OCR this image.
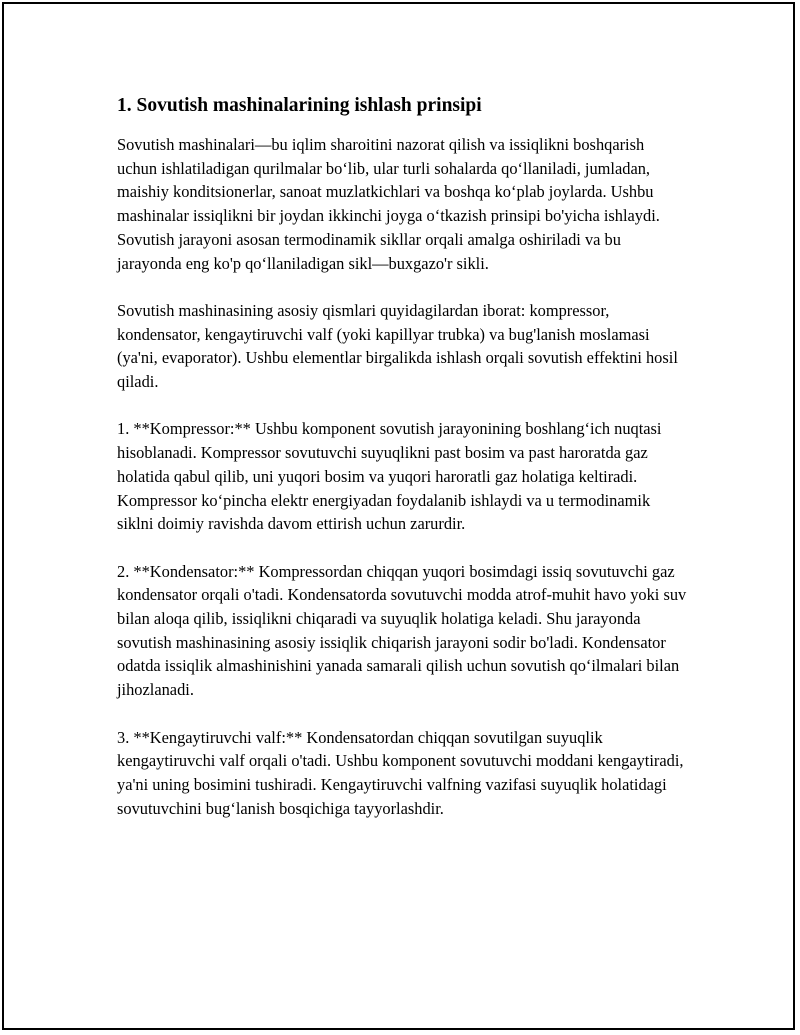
1. Sovutish mashinalarining ishlash prinsipi

Sovutish mashinalari—bu iqlim sharoitini nazorat qilish va issiqlikni boshqarish uchun ishlatiladigan qurilmalar bo‘lib, ular turli sohalarda qo‘llaniladi, jumladan, maishiy konditsionerlar, sanoat muzlatkichlari va boshqa ko‘plab joylarda. Ushbu mashinalar issiqlikni bir joydan ikkinchi joyga o‘tkazish prinsipi bo'yicha ishlaydi. Sovutish jarayoni asosan termodinamik sikllar orqali amalga oshiriladi va bu jarayonda eng ko'p qo‘llaniladigan sikl—buxgazo'r sikli.

Sovutish mashinasining asosiy qismlari quyidagilardan iborat: kompressor, kondensator, kengaytiruvchi valf (yoki kapillyar trubka) va bug'lanish moslamasi (ya'ni, evaporator). Ushbu elementlar birgalikda ishlash orqali sovutish effektini hosil qiladi.

1. **Kompressor:** Ushbu komponent sovutish jarayonining boshlang‘ich nuqtasi hisoblanadi. Kompressor sovutuvchi suyuqlikni past bosim va past haroratda gaz holatida qabul qilib, uni yuqori bosim va yuqori haroratli gaz holatiga keltiradi. Kompressor ko‘pincha elektr energiyadan foydalanib ishlaydi va u termodinamik siklni doimiy ravishda davom ettirish uchun zarurdir.

2. **Kondensator:** Kompressordan chiqqan yuqori bosimdagi issiq sovutuvchi gaz kondensator orqali o'tadi. Kondensatorda sovutuvchi modda atrof-muhit havo yoki suv bilan aloqa qilib, issiqlikni chiqaradi va suyuqlik holatiga keladi. Shu jarayonda sovutish mashinasining asosiy issiqlik chiqarish jarayoni sodir bo'ladi. Kondensator odatda issiqlik almashinishini yanada samarali qilish uchun sovutish qo‘ilmalari bilan jihozlanadi.

3. **Kengaytiruvchi valf:** Kondensatordan chiqqan sovutilgan suyuqlik kengaytiruvchi valf orqali o'tadi. Ushbu komponent sovutuvchi moddani kengaytiradi, ya'ni uning bosimini tushiradi. Kengaytiruvchi valfning vazifasi suyuqlik holatidagi sovutuvchini bug‘lanish bosqichiga tayyorlashdir.
